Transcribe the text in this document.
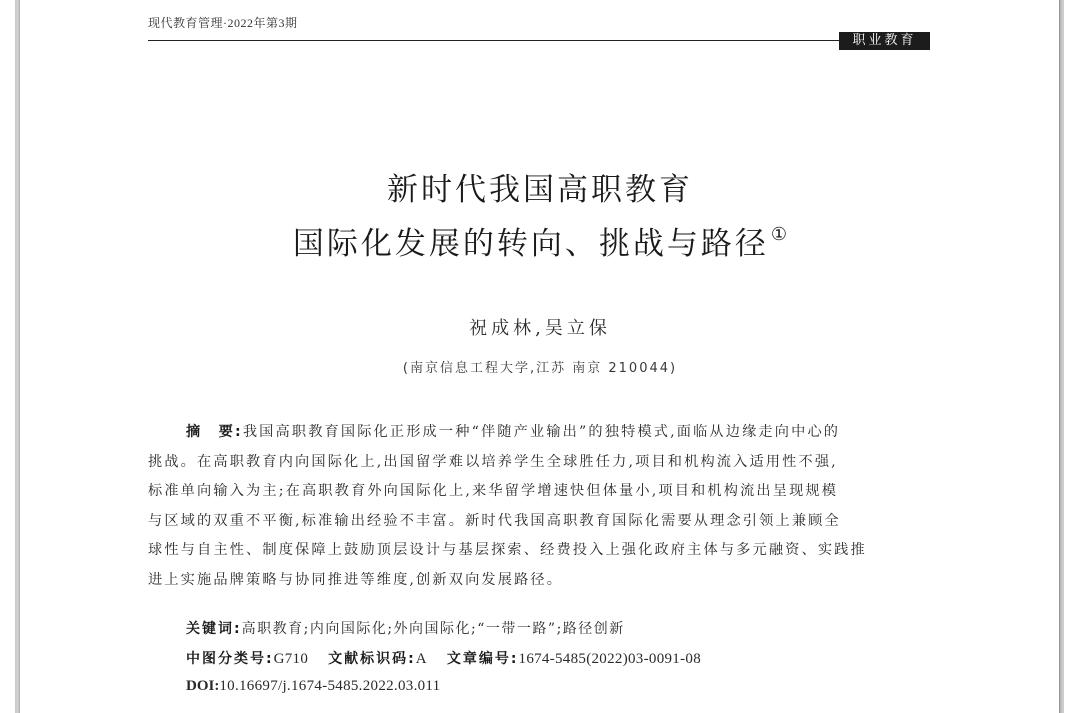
现代教育管理·2022年第3期
职业教育
新时代我国高职教育
国际化发展的转向、挑战与路径 ①
祝成林,吴立保
(南京信息工程大学,江苏 南京 210044)
摘　要:我国高职教育国际化正形成一种“伴随产业输出”的独特模式,面临从边缘走向中心的
挑战。在高职教育内向国际化上,出国留学难以培养学生全球胜任力,项目和机构流入适用性不强,
标准单向输入为主;在高职教育外向国际化上,来华留学增速快但体量小,项目和机构流出呈现规模
与区域的双重不平衡,标准输出经验不丰富。新时代我国高职教育国际化需要从理念引领上兼顾全
球性与自主性、制度保障上鼓励顶层设计与基层探索、经费投入上强化政府主体与多元融资、实践推
进上实施品牌策略与协同推进等维度,创新双向发展路径。
关键词:高职教育;内向国际化;外向国际化;“一带一路”;路径创新
中图分类号:G710 文献标识码:A 文章编号:1674-5485(2022)03-0091-08
DOI:10.16697/j.1674-5485.2022.03.011
